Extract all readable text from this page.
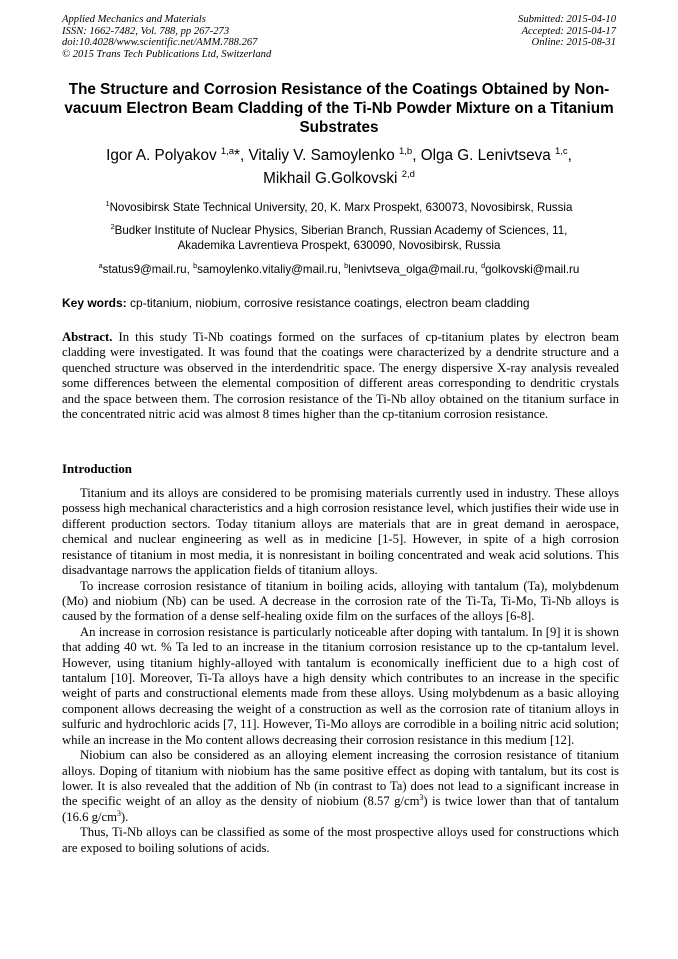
Applied Mechanics and Materials
ISSN: 1662-7482, Vol. 788, pp 267-273
doi:10.4028/www.scientific.net/AMM.788.267
© 2015 Trans Tech Publications Ltd, Switzerland
Submitted: 2015-04-10
Accepted: 2015-04-17
Online: 2015-08-31
The Structure and Corrosion Resistance of the Coatings Obtained by Non-vacuum Electron Beam Cladding of the Ti-Nb Powder Mixture on a Titanium Substrates
Igor A. Polyakov $^{1,a}$*, Vitaliy V. Samoylenko $^{1,b}$, Olga G. Lenivtseva $^{1,c}$,
Mikhail G.Golkovski $^{2,d}$
$^1$Novosibirsk State Technical University, 20, K. Marx Prospekt, 630073, Novosibirsk, Russia
$^2$Budker Institute of Nuclear Physics, Siberian Branch, Russian Academy of Sciences, 11,
Akademika Lavrentieva Prospekt, 630090, Novosibirsk, Russia
$^a$status9@mail.ru, $^b$samoylenko.vitaliy@mail.ru, $^b$lenivtseva_olga@mail.ru, $^d$golkovski@mail.ru
Key words: cp-titanium, niobium, corrosive resistance coatings, electron beam cladding
Abstract. In this study Ti-Nb coatings formed on the surfaces of cp-titanium plates by electron beam cladding were investigated. It was found that the coatings were characterized by a dendrite structure and a quenched structure was observed in the interdendritic space. The energy dispersive X-ray analysis revealed some differences between the elemental composition of different areas corresponding to dendritic crystals and the space between them. The corrosion resistance of the Ti-Nb alloy obtained on the titanium surface in the concentrated nitric acid was almost 8 times higher than the cp-titanium corrosion resistance.
Introduction

Titanium and its alloys are considered to be promising materials currently used in industry. These alloys possess high mechanical characteristics and a high corrosion resistance level, which justifies their wide use in different production sectors. Today titanium alloys are materials that are in great demand in aerospace, chemical and nuclear engineering as well as in medicine [1-5]. However, in spite of a high corrosion resistance of titanium in most media, it is nonresistant in boiling concentrated and weak acid solutions. This disadvantage narrows the application fields of titanium alloys.

To increase corrosion resistance of titanium in boiling acids, alloying with tantalum (Ta), molybdenum (Mo) and niobium (Nb) can be used. A decrease in the corrosion rate of the Ti-Ta, Ti-Mo, Ti-Nb alloys is caused by the formation of a dense self-healing oxide film on the surfaces of the alloys [6-8].

An increase in corrosion resistance is particularly noticeable after doping with tantalum. In [9] it is shown that adding 40 wt. % Ta led to an increase in the titanium corrosion resistance up to the cp-tantalum level. However, using titanium highly-alloyed with tantalum is economically inefficient due to a high cost of tantalum [10]. Moreover, Ti-Ta alloys have a high density which contributes to an increase in the specific weight of parts and constructional elements made from these alloys. Using molybdenum as a basic alloying component allows decreasing the weight of a construction as well as the corrosion rate of titanium alloys in sulfuric and hydrochloric acids [7, 11]. However, Ti-Mo alloys are corrodible in a boiling nitric acid solution; while an increase in the Mo content allows decreasing their corrosion resistance in this medium [12].

Niobium can also be considered as an alloying element increasing the corrosion resistance of titanium alloys. Doping of titanium with niobium has the same positive effect as doping with tantalum, but its cost is lower. It is also revealed that the addition of Nb (in contrast to Ta) does not lead to a significant increase in the specific weight of an alloy as the density of niobium (8.57 $g/cm^3$) is twice lower than that of tantalum (16.6 $g/cm^3$).

Thus, Ti-Nb alloys can be classified as some of the most prospective alloys used for constructions which are exposed to boiling solutions of acids.
